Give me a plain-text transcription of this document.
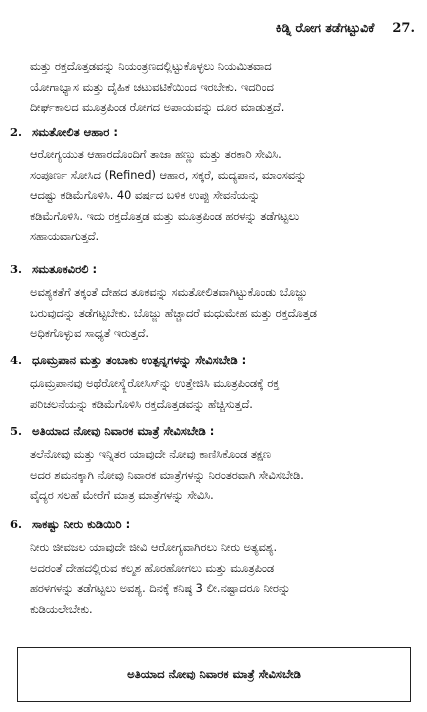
ಕಿಡ್ನಿ ರೋಗ ತಡೆಗಟ್ಟುವಿಕೆ 27.
ಮತ್ತು ರಕ್ತದೊತ್ತಡವನ್ನು ನಿಯಂತ್ರಣದಲ್ಲಿಟ್ಟುಕೊಳ್ಳಲು ನಿಯಮಿತವಾದ
ಯೋಗಾಭ್ಯಾಸ ಮತ್ತು ದೈಹಿಕ ಚಟುವಟಿಕೆಯಿಂದ ಇರಬೇಕು. ಇದರಿಂದ
ದೀರ್ಘಕಾಲದ ಮೂತ್ರಪಿಂಡ ರೋಗದ ಅಪಾಯವನ್ನು ದೂರ ಮಾಡುತ್ತದೆ.
2. ಸಮತೋಲಿತ ಆಹಾರ :
ಆರೋಗ್ಯಯುತ ಆಹಾರದೊಂದಿಗೆ ತಾಜಾ ಹಣ್ಣು ಮತ್ತು ತರಕಾರಿ ಸೇವಿಸಿ.
ಸಂಪೂರ್ಣ ಸೋಸಿದ (Refined) ಆಹಾರ, ಸಕ್ಕರೆ, ಮದ್ಯಪಾನ, ಮಾಂಸವನ್ನು
ಆದಷ್ಟು ಕಡಿಮೆಗೊಳಿಸಿ. 40 ವರ್ಷದ ಬಳಿಕ ಉಪ್ಪು ಸೇವನೆಯನ್ನು
ಕಡಿಮೆಗೊಳಿಸಿ. ಇದು ರಕ್ತದೊತ್ತಡ ಮತ್ತು ಮೂತ್ರಪಿಂಡ ಹರಳನ್ನು ತಡೆಗಟ್ಟಲು
ಸಹಾಯವಾಗುತ್ತದೆ.
3. ಸಮತೂಕವಿರಲಿ :
ಅವಶ್ಯಕತೆಗೆ ತಕ್ಕಂತೆ ದೇಹದ ತೂಕವನ್ನು ಸಮತೋಲಿತವಾಗಿಟ್ಟುಕೊಂಡು ಬೊಜ್ಜು
ಬರುವುದನ್ನು ತಡೆಗಟ್ಟಬೇಕು. ಬೊಜ್ಜು ಹೆಚ್ಚಾದರೆ ಮಧುಮೇಹ ಮತ್ತು ರಕ್ತದೊತ್ತಡ
ಅಧಿಕಗೊಳ್ಳುವ ಸಾಧ್ಯತೆ ಇರುತ್ತದೆ.
4. ಧೂಮ್ರಪಾನ ಮತ್ತು ತಂಬಾಕು ಉತ್ಪನ್ನಗಳನ್ನು ಸೇವಿಸಬೇಡಿ :
ಧೂಮ್ರಪಾನವು ಅಥೆರೋಸ್ಕ್ಲೆರೋಸಿಸ್‌ನ್ನು ಉತ್ತೇಜಿಸಿ ಮೂತ್ರಪಿಂಡಕ್ಕೆ ರಕ್ತ
ಪರಿಚಲನೆಯನ್ನು ಕಡಿಮೆಗೊಳಿಸಿ ರಕ್ತದೊತ್ತಡವನ್ನು ಹೆಚ್ಚಿಸುತ್ತದೆ.
5. ಅತಿಯಾದ ನೋವು ನಿವಾರಕ ಮಾತ್ರೆ ಸೇವಿಸಬೇಡಿ :
ತಲೆನೋವು ಮತ್ತು ಇನ್ನಿತರ ಯಾವುದೇ ನೋವು ಕಾಣಿಸಿಕೊಂಡ ತಕ್ಷಣ
ಅದರ ಶಮನಕ್ಕಾಗಿ ನೋವು ನಿವಾರಕ ಮಾತ್ರೆಗಳನ್ನು ನಿರಂತರವಾಗಿ ಸೇವಿಸಬೇಡಿ.
ವೈದ್ಯರ ಸಲಹೆ ಮೇರೆಗೆ ಮಾತ್ರ ಮಾತ್ರೆಗಳನ್ನು ಸೇವಿಸಿ.
6. ಸಾಕಷ್ಟು ನೀರು ಕುಡಿಯಿರಿ :
ನೀರು ಜೀವಜಲ ಯಾವುದೇ ಜೀವಿ ಆರೋಗ್ಯವಾಗಿರಲು ನೀರು ಅತ್ಯವಶ್ಯ.
ಅದರಂತೆ ದೇಹದಲ್ಲಿರುವ ಕಲ್ಮಶ ಹೊರಹೋಗಲು ಮತ್ತು ಮೂತ್ರಪಿಂಡ
ಹರಳಗಳನ್ನು ತಡೆಗಟ್ಟಲು ಅವಶ್ಯ. ದಿನಕ್ಕೆ ಕನಿಷ್ಠ 3 ಲೀ.ನಷ್ಟಾದರೂ ನೀರನ್ನು
ಕುಡಿಯಲೇಬೇಕು.
ಅತಿಯಾದ ನೋವು ನಿವಾರಕ ಮಾತ್ರೆ ಸೇವಿಸಬೇಡಿ
